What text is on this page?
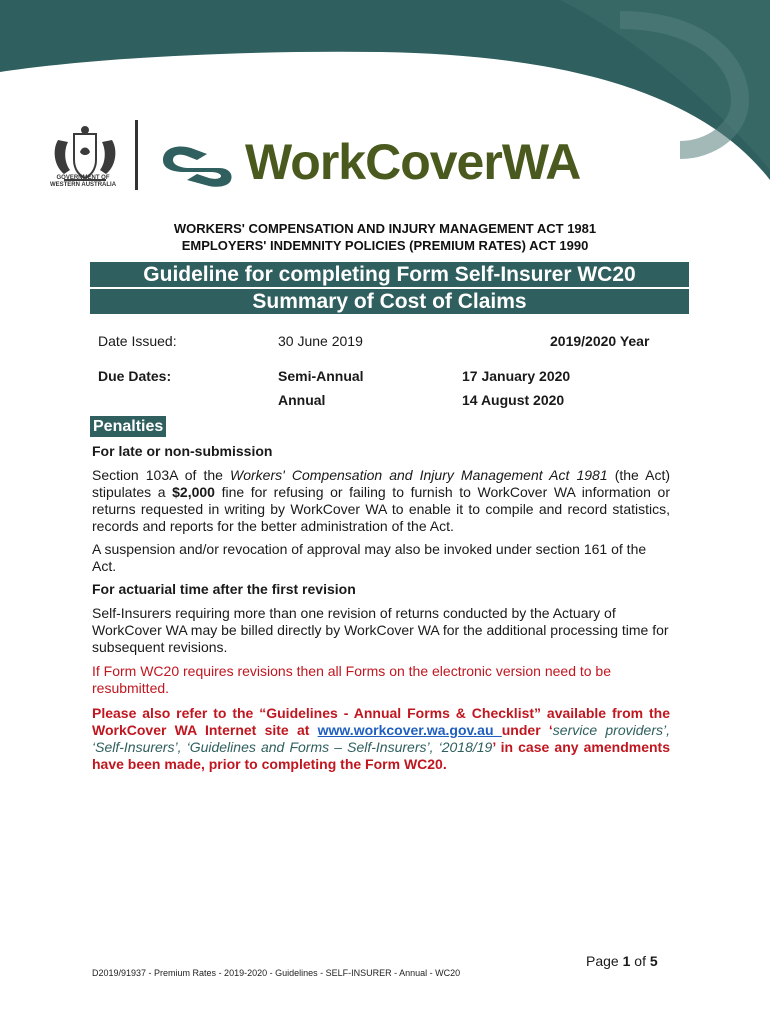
GOVERNMENT OF
WESTERN AUSTRALIA	WorkCoverWA
WORKERS' COMPENSATION AND INJURY MANAGEMENT ACT 1981
EMPLOYERS' INDEMNITY POLICIES (PREMIUM RATES) ACT 1990
Guideline for completing Form Self-Insurer WC20
Summary of Cost of Claims
Date Issued:	30 June 2019	2019/2020 Year
Due Dates:	Semi-Annual	17 January 2020
Annual	14 August 2020
Penalties
For late or non-submission
Section 103A of the Workers' Compensation and Injury Management Act 1981 (the Act) stipulates a $2,000 fine for refusing or failing to furnish to WorkCover WA information or returns requested in writing by WorkCover WA to enable it to compile and record statistics, records and reports for the better administration of the Act.
A suspension and/or revocation of approval may also be invoked under section 161 of the Act.
For actuarial time after the first revision
Self-Insurers requiring more than one revision of returns conducted by the Actuary of WorkCover WA may be billed directly by WorkCover WA for the additional processing time for subsequent revisions.
If Form WC20 requires revisions then all Forms on the electronic version need to be resubmitted.
Please also refer to the “Guidelines - Annual Forms & Checklist” available from the WorkCover WA Internet site at www.workcover.wa.gov.au under ‘service providers’, ‘Self-Insurers’, ‘Guidelines and Forms – Self-Insurers’, ‘2018/19’ in case any amendments have been made, prior to completing the Form WC20.
Page 1 of 5
D2019/91937 - Premium Rates - 2019-2020 - Guidelines - SELF-INSURER - Annual - WC20
